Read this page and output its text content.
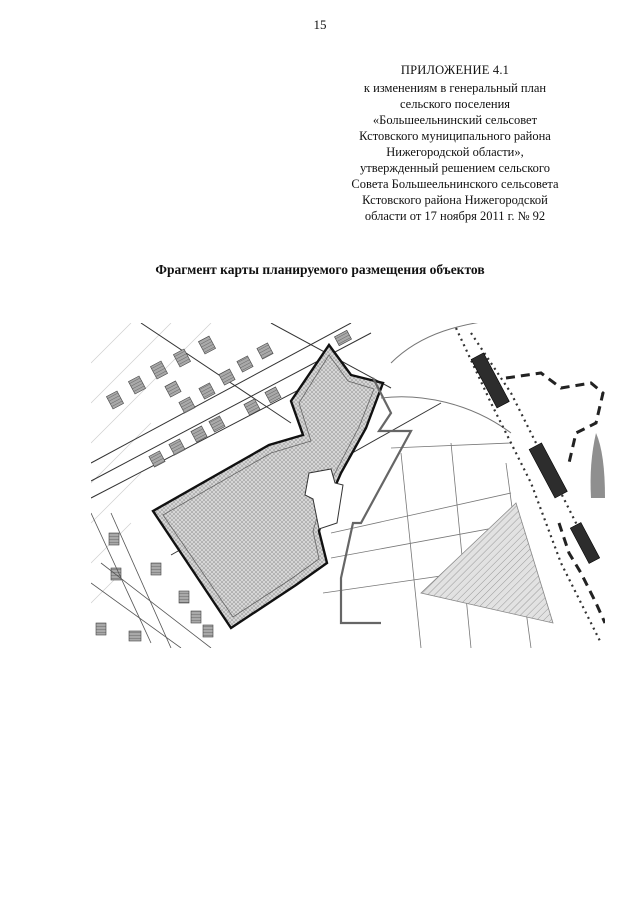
15
ПРИЛОЖЕНИЕ 4.1
к изменениям в генеральный план
сельского поселения
«Большеельнинский сельсовет
Кстовского муниципального района
Нижегородской области»,
утвержденный решением сельского
Совета Большеельнинского сельсовета
Кстовского района Нижегородской
области от 17 ноября 2011 г. № 92
Фрагмент карты планируемого размещения объектов
